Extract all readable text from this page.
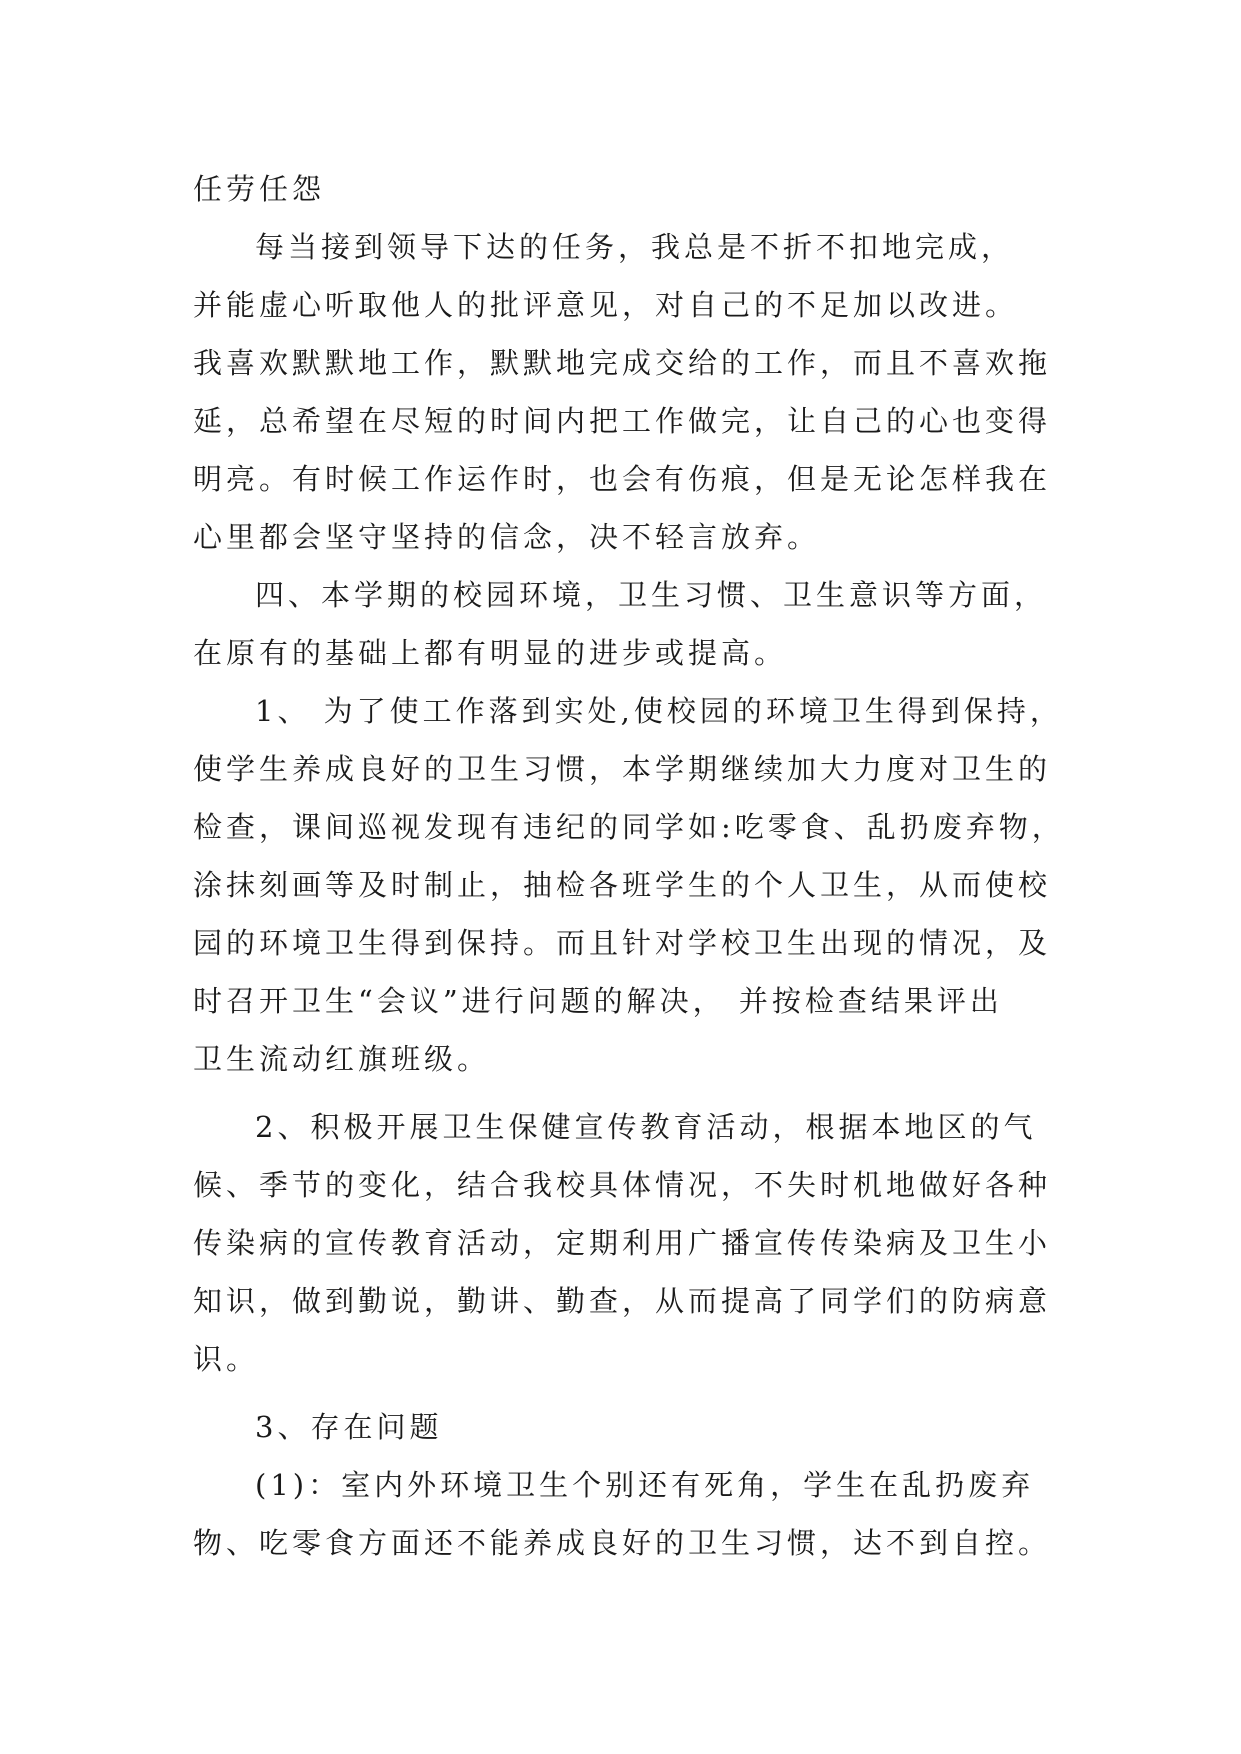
任劳任怨
每当接到领导下达的任务，我总是不折不扣地完成，
并能虚心听取他人的批评意见，对自己的不足加以改进。
我喜欢默默地工作，默默地完成交给的工作，而且不喜欢拖
延，总希望在尽短的时间内把工作做完，让自己的心也变得
明亮。有时候工作运作时，也会有伤痕，但是无论怎样我在
心里都会坚守坚持的信念，决不轻言放弃。
四、本学期的校园环境，卫生习惯、卫生意识等方面，
在原有的基础上都有明显的进步或提高。
1、 为了使工作落到实处,使校园的环境卫生得到保持，
使学生养成良好的卫生习惯，本学期继续加大力度对卫生的
检查，课间巡视发现有违纪的同学如:吃零食、乱扔废弃物，
涂抹刻画等及时制止，抽检各班学生的个人卫生，从而使校
园的环境卫生得到保持。而且针对学校卫生出现的情况，及
时召开卫生“会议”进行问题的解决， 并按检查结果评出
卫生流动红旗班级。
2、积极开展卫生保健宣传教育活动，根据本地区的气
候、季节的变化，结合我校具体情况，不失时机地做好各种
传染病的宣传教育活动，定期利用广播宣传传染病及卫生小
知识，做到勤说，勤讲、勤查，从而提高了同学们的防病意
识。
3、存在问题
(1)：室内外环境卫生个别还有死角，学生在乱扔废弃
物、吃零食方面还不能养成良好的卫生习惯，达不到自控。
